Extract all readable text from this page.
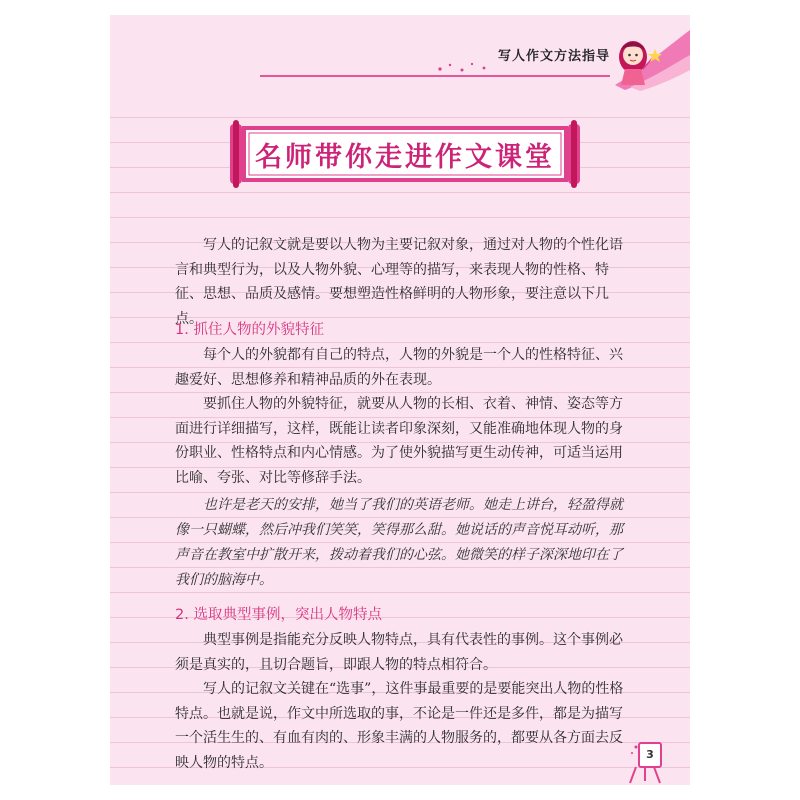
写人作文方法指导
名师带你走进作文课堂

写人的记叙文就是要以人物为主要记叙对象，通过对人物的个性化语言和典型行为，以及人物外貌、心理等的描写，来表现人物的性格、特征、思想、品质及感情。要想塑造性格鲜明的人物形象，要注意以下几点。

1. 抓住人物的外貌特征

每个人的外貌都有自己的特点，人物的外貌是一个人的性格特征、兴趣爱好、思想修养和精神品质的外在表现。

要抓住人物的外貌特征，就要从人物的长相、衣着、神情、姿态等方面进行详细描写，这样，既能让读者印象深刻，又能准确地体现人物的身份职业、性格特点和内心情感。为了使外貌描写更生动传神，可适当运用比喻、夸张、对比等修辞手法。

也许是老天的安排，她当了我们的英语老师。她走上讲台，轻盈得就像一只蝴蝶，然后冲我们笑笑，笑得那么甜。她说话的声音悦耳动听，那声音在教室中扩散开来，拨动着我们的心弦。她微笑的样子深深地印在了我们的脑海中。

2. 选取典型事例，突出人物特点

典型事例是指能充分反映人物特点，具有代表性的事例。这个事例必须是真实的，且切合题旨，即跟人物的特点相符合。

写人的记叙文关键在“选事”，这件事最重要的是要能突出人物的性格特点。也就是说，作文中所选取的事，不论是一件还是多件，都是为描写一个活生生的、有血有肉的、形象丰满的人物服务的，都要从各方面去反映人物的特点。

3
